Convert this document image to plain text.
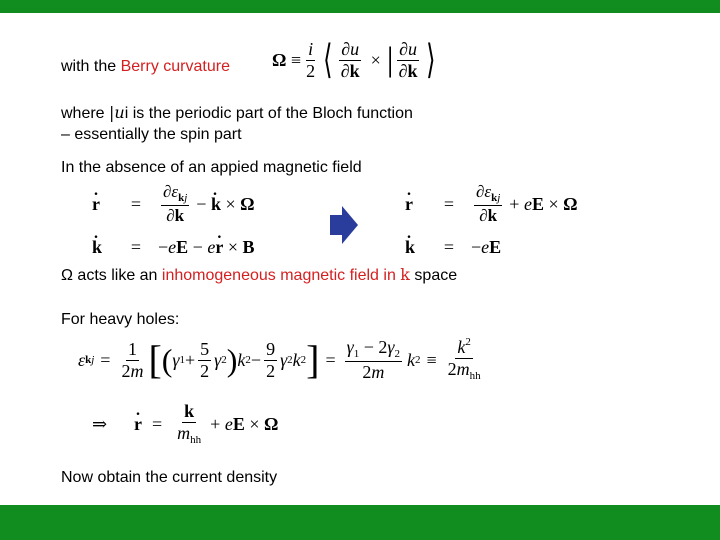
with the Berry curvature $\Omega \equiv \frac{i}{2}$ ⟨ $\frac{\partial u}{\partial k}$ × | $\frac{\partial u}{\partial k}$ ⟩
where |ui is the periodic part of the Bloch function
– essentially the spin part
In the absence of an appied magnetic field
. r	=	$\frac{\partial\varepsilon_{kj}}{\partial k}$ − . k × Ω
. k	= −eE − e. r × B
. r	=	$\frac{\partial\varepsilon_{kj}}{\partial k}$ + eE × Ω
. k	= −eE
Ω acts like an inhomogeneous magnetic field in k space
For heavy holes:
ε k $j = \frac{1}{2m}$ [ ( γ $1 + \frac{5}{2}$ γ 2 ) k $2 - \frac{9}{2}$ γ 2 k 2 ] = $\frac{\gamma_1 - 2\gamma_2}{2m}$ k $2 \equiv \frac{k^2}{2m_{hh}}$
⇒
.	$r = \frac{k}{m_{hh}}$ + eE × Ω
Now obtain the current density
